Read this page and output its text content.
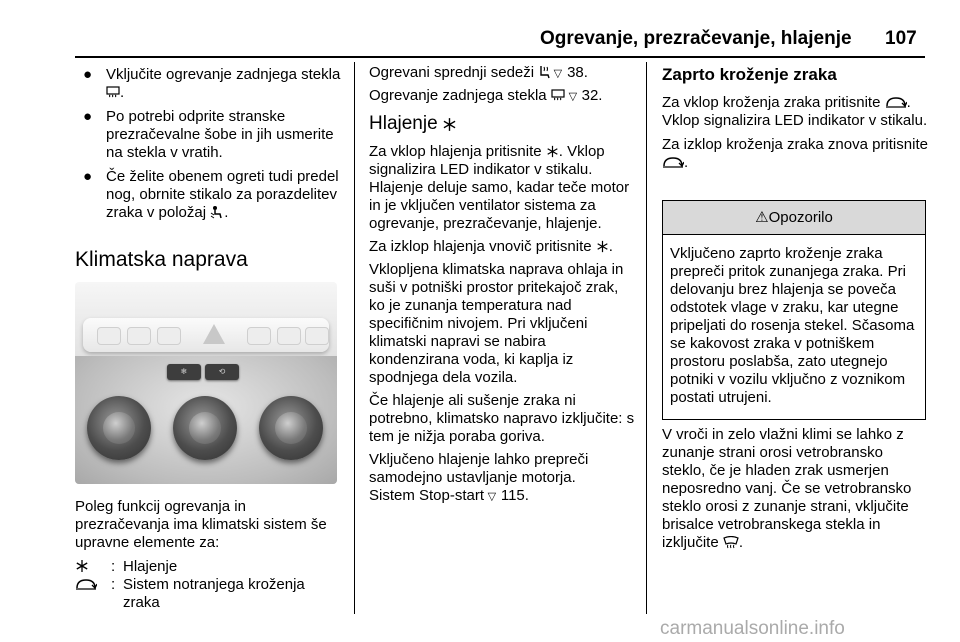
Ogrevanje, prezračevanje, hlajenje 107
● Vključite ogrevanje zadnjega stekla .
● Po potrebi odprite stranske prezračevalne šobe in jih usmerite na stekla v vratih.
● Če želite obenem ogreti tudi predel nog, obrnite stikalo za porazdelitev zraka v položaj .
Klimatska naprava
❄	⟲

Poleg funkcij ogrevanja in prezračevanja ima klimatski sistem še upravne elemente za:

: Hlajenje
: Sistem notranjega kroženja zraka

Ogrevani sprednji sedeži ▷ 38.

Ogrevanje zadnjega stekla ▷ 32.

Hlajenje

Za vklop hlajenja pritisnite . Vklop signalizira LED indikator v stikalu. Hlajenje deluje samo, kadar teče motor in je vključen ventilator sistema za ogrevanje, prezračevanje, hlajenje.

Za izklop hlajenja vnovič pritisnite .

Vklopljena klimatska naprava ohlaja in suši v potniški prostor pritekajoč zrak, ko je zunanja temperatura nad specifičnim nivojem. Pri vključeni klimatski napravi se nabira kondenzirana voda, ki kaplja iz spodnjega dela vozila.

Če hlajenje ali sušenje zraka ni potrebno, klimatsko napravo izključite: s tem je nižja poraba goriva.

Vključeno hlajenje lahko prepreči samodejno ustavljanje motorja.

Sistem Stop-start ▷ 115.

Zaprto kroženje zraka

Za vklop kroženja zraka pritisnite . Vklop signalizira LED indikator v stikalu.

Za izklop kroženja zraka znova pritisnite .

⚠Opozorilo
Vključeno zaprto kroženje zraka prepreči pritok zunanjega zraka. Pri delovanju brez hlajenja se poveča odstotek vlage v zraku, kar utegne pripeljati do rosenja stekel. Sčasoma se kakovost zraka v potniškem prostoru poslabša, zato utegnejo potniki v vozilu vključno z voznikom postati utrujeni.

V vroči in zelo vlažni klimi se lahko z zunanje strani orosi vetrobransko steklo, če je hladen zrak usmerjen neposredno vanj. Če se vetrobransko steklo orosi z zunanje strani, vključite brisalce vetrobranskega stekla in izključite .

carmanualsonline.info
